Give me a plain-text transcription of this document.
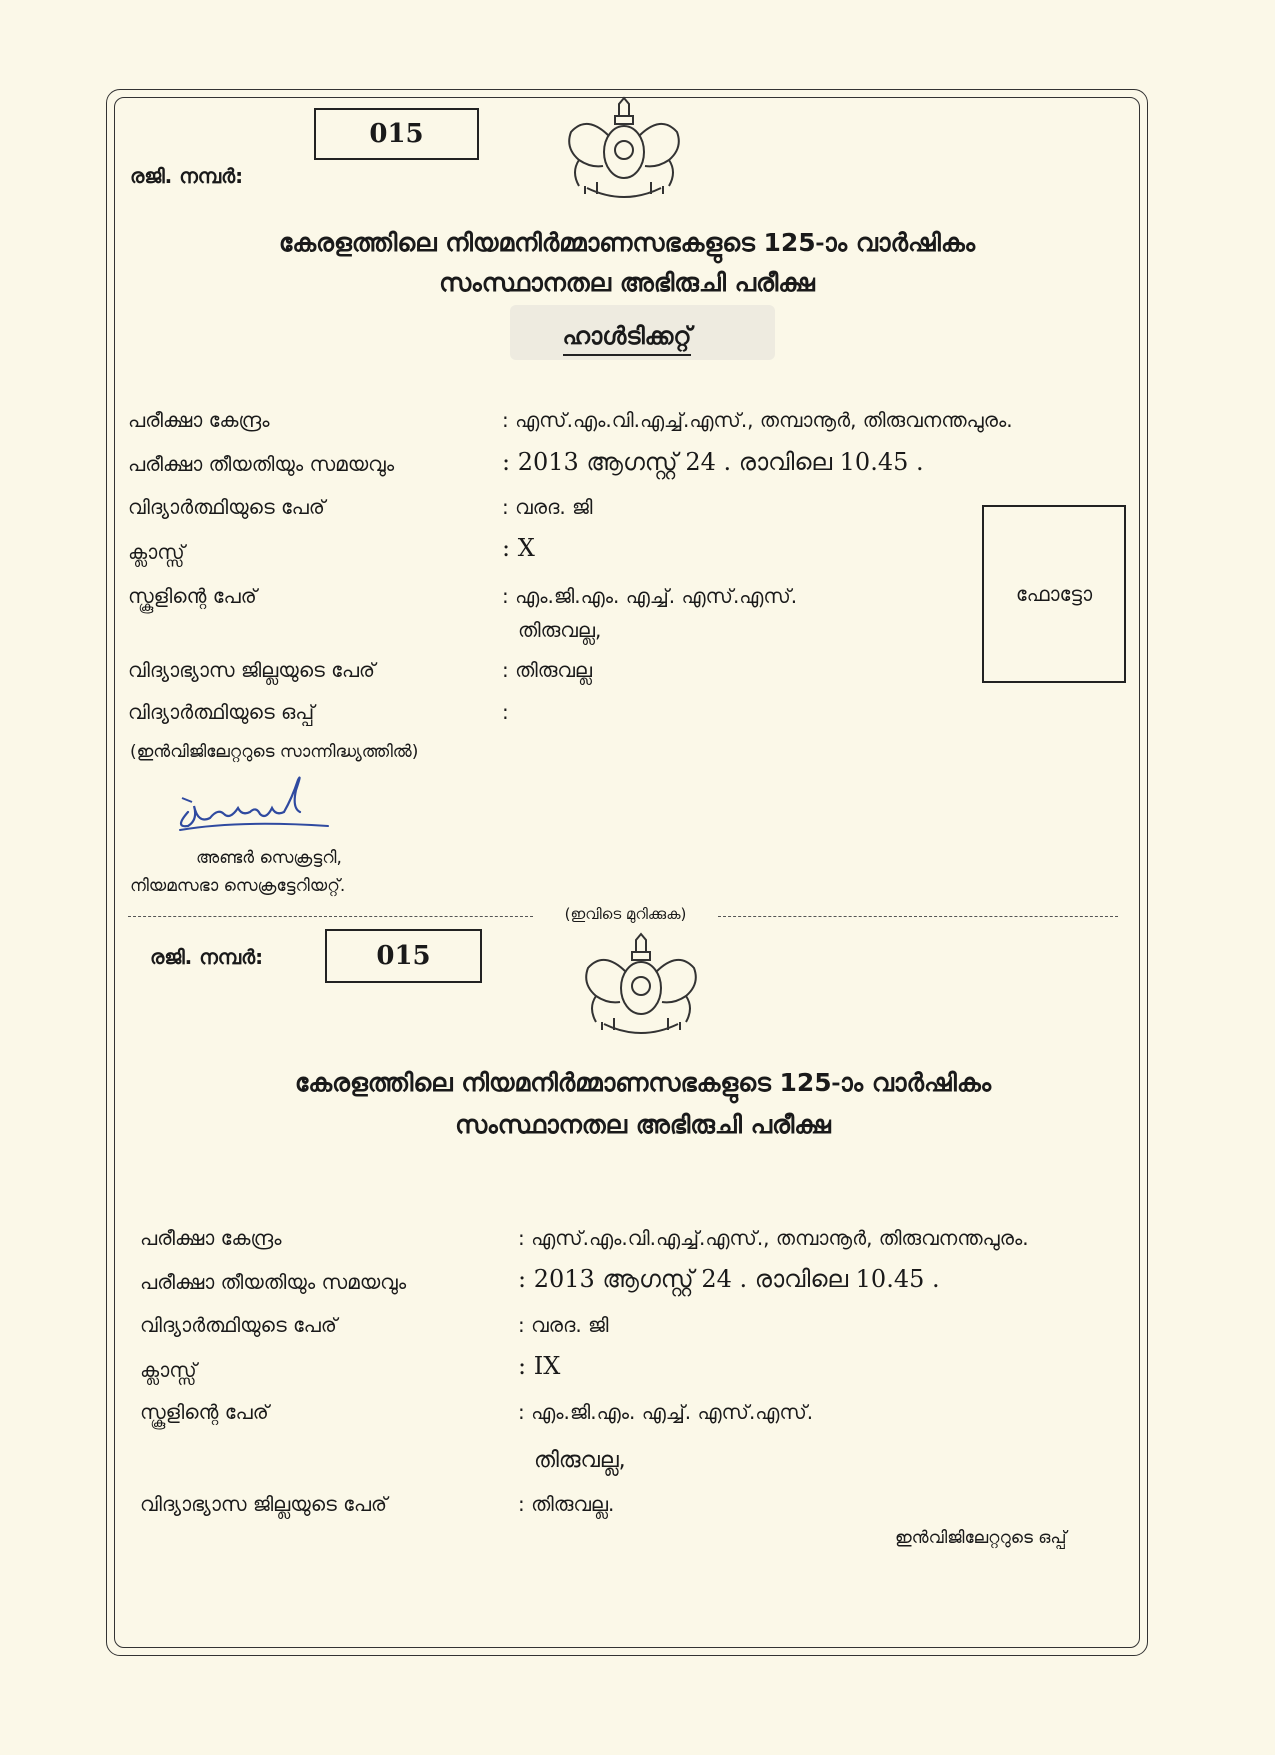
രജി. നമ്പർ:
015
കേരളത്തിലെ നിയമനിർമ്മാണസഭകളുടെ 125-ാം വാർഷികം
സംസ്ഥാനതല അഭിരുചി പരീക്ഷ
ഹാൾടിക്കറ്റ്
പരീക്ഷാ കേന്ദ്രം	: എസ്.എം.വി.എച്ച്.എസ്., തമ്പാനൂർ, തിരുവനന്തപുരം.
പരീക്ഷാ തീയതിയും സമയവും	: 2013 ആഗസ്റ്റ് 24 . രാവിലെ 10.45 .
വിദ്യാർത്ഥിയുടെ പേര്	: വരദ. ജി
ക്ലാസ്സ്	: X
സ്കൂളിന്റെ പേര്	: എം.ജി.എം. എച്ച്. എസ്.എസ്.
തിരുവല്ല,
വിദ്യാഭ്യാസ ജില്ലയുടെ പേര്	: തിരുവല്ല
വിദ്യാർത്ഥിയുടെ ഒപ്പ്	:
(ഇൻവിജിലേറ്ററുടെ സാന്നിദ്ധ്യത്തിൽ)
ഫോട്ടോ
അണ്ടർ സെക്രട്ടറി,
നിയമസഭാ സെക്രട്ടേറിയറ്റ്.
(ഇവിടെ മുറിക്കുക)
രജി. നമ്പർ:	015
കേരളത്തിലെ നിയമനിർമ്മാണസഭകളുടെ 125-ാം വാർഷികം
സംസ്ഥാനതല അഭിരുചി പരീക്ഷ
പരീക്ഷാ കേന്ദ്രം	: എസ്.എം.വി.എച്ച്.എസ്., തമ്പാനൂർ, തിരുവനന്തപുരം.
പരീക്ഷാ തീയതിയും സമയവും	: 2013 ആഗസ്റ്റ് 24 . രാവിലെ 10.45 .
വിദ്യാർത്ഥിയുടെ പേര്	: വരദ. ജി
ക്ലാസ്സ്	: IX
സ്കൂളിന്റെ പേര്	: എം.ജി.എം. എച്ച്. എസ്.എസ്.
തിരുവല്ല,
വിദ്യാഭ്യാസ ജില്ലയുടെ പേര്	: തിരുവല്ല.
ഇൻവിജിലേറ്ററുടെ ഒപ്പ്
